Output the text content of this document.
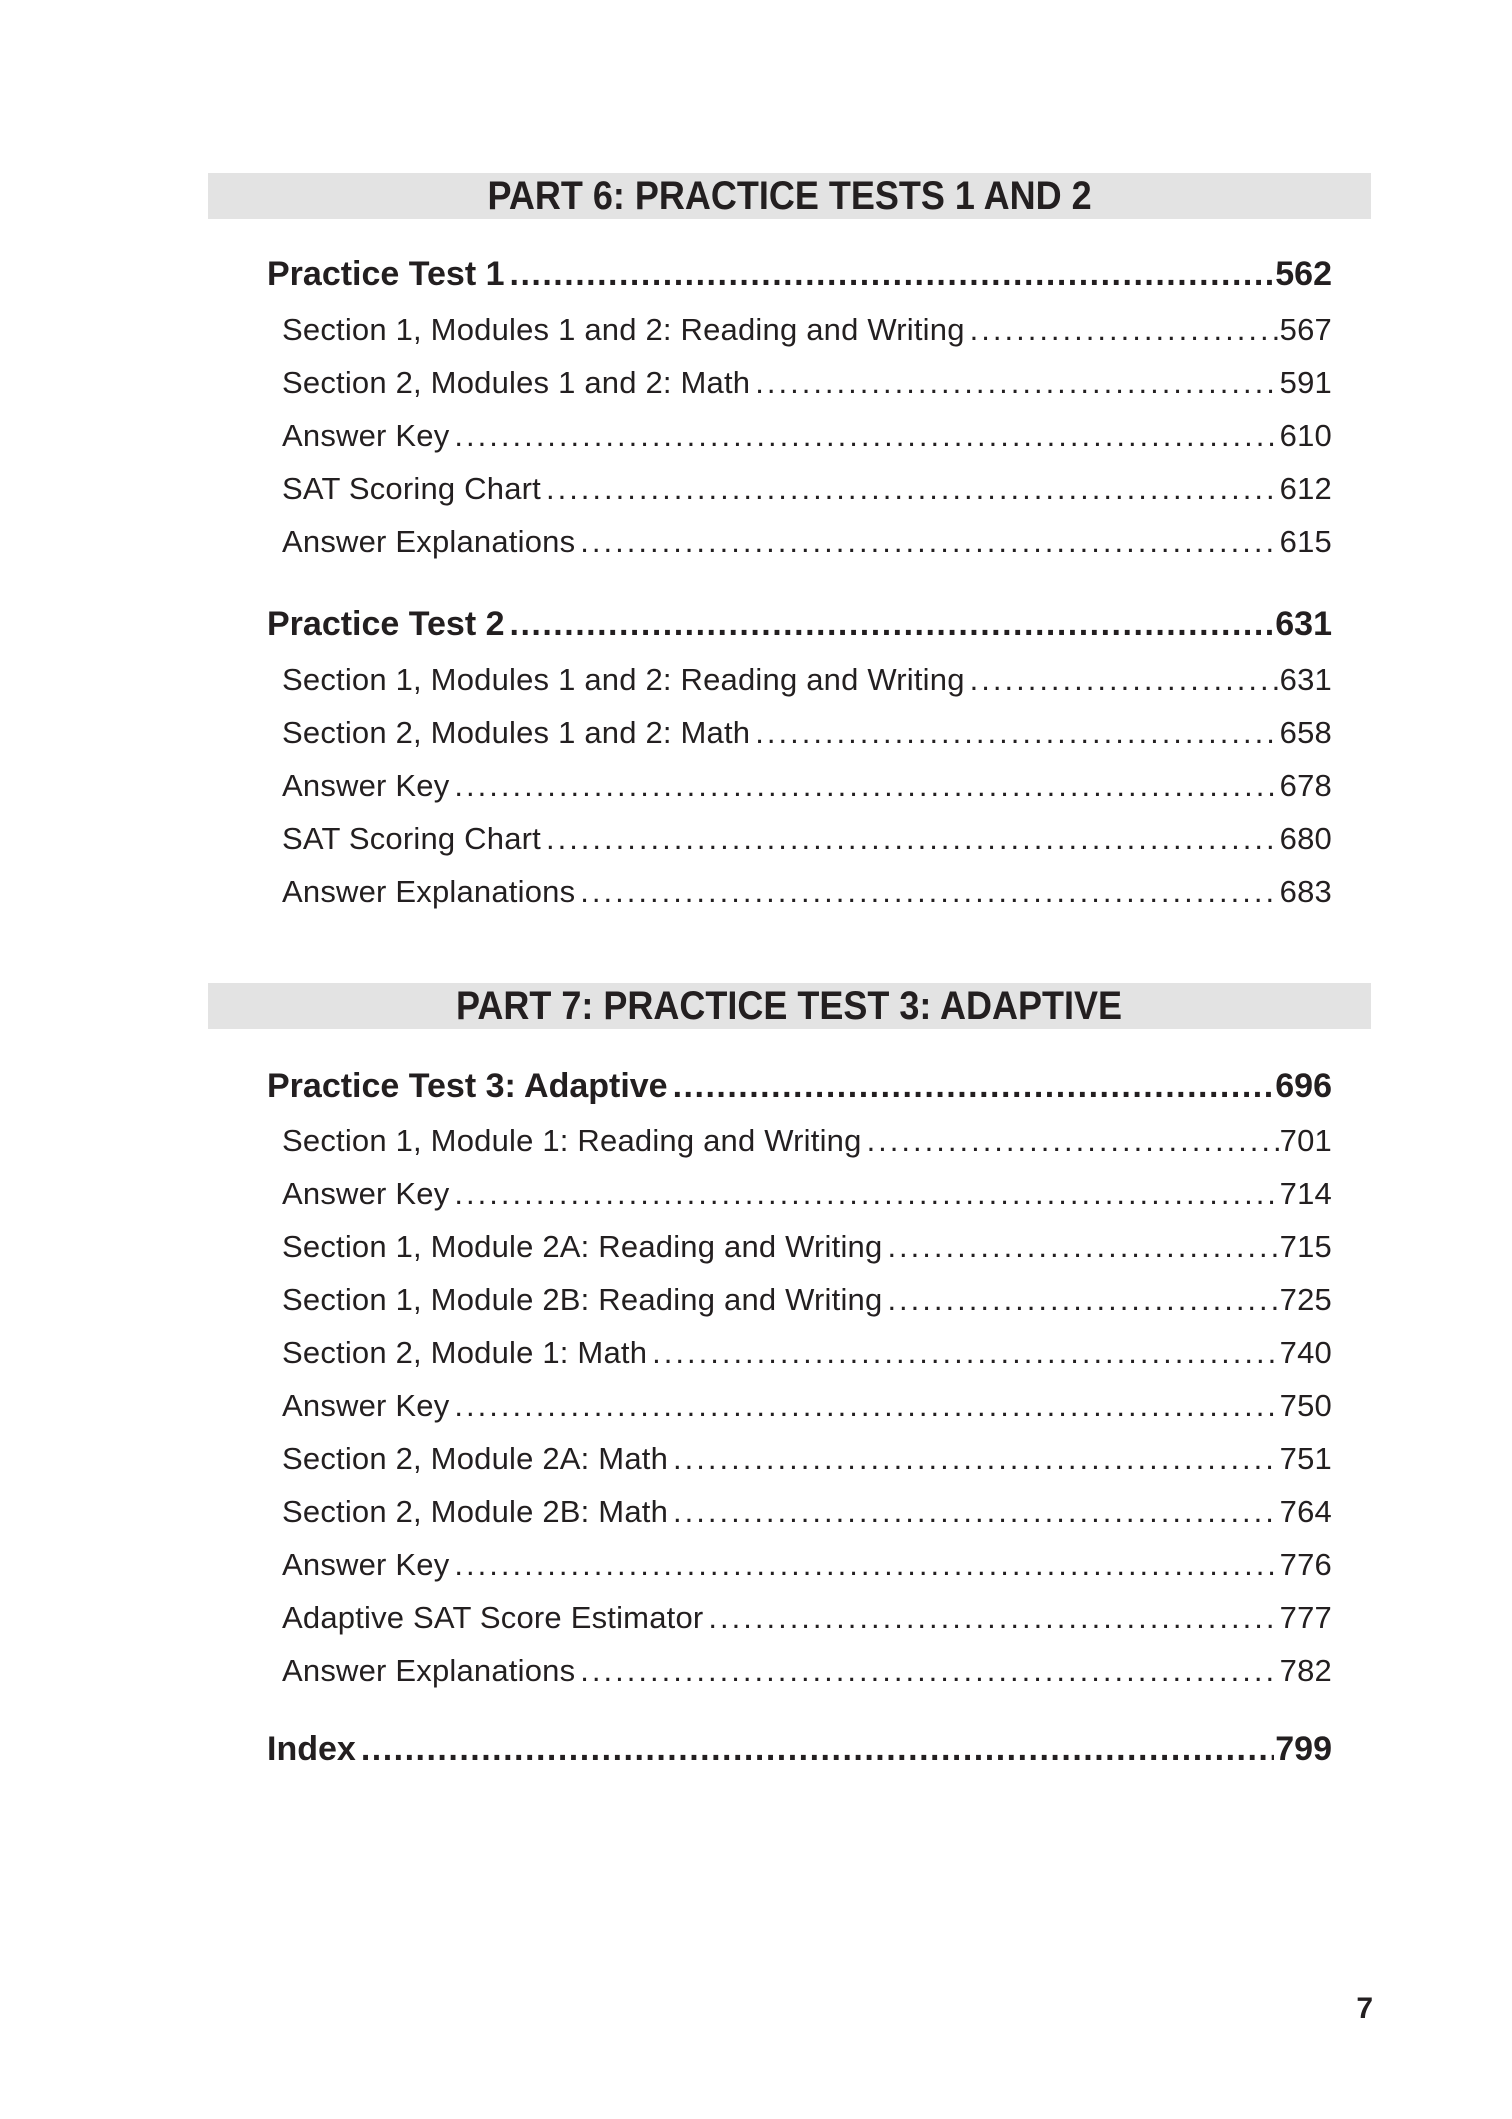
PART 6: PRACTICE TESTS 1 AND 2
Practice Test 1 .....	562
Section 1, Modules 1 and 2: Reading and Writing .....	567
Section 2, Modules 1 and 2: Math .....	591
Answer Key .....	610
SAT Scoring Chart .....	612
Answer Explanations .....	615
Practice Test 2 .....	631
Section 1, Modules 1 and 2: Reading and Writing .....	631
Section 2, Modules 1 and 2: Math .....	658
Answer Key .....	678
SAT Scoring Chart .....	680
Answer Explanations .....	683
PART 7: PRACTICE TEST 3: ADAPTIVE
Practice Test 3: Adaptive .....	696
Section 1, Module 1: Reading and Writing .....	701
Answer Key .....	714
Section 1, Module 2A: Reading and Writing .....	715
Section 1, Module 2B: Reading and Writing .....	725
Section 2, Module 1: Math .....	740
Answer Key .....	750
Section 2, Module 2A: Math .....	751
Section 2, Module 2B: Math .....	764
Answer Key .....	776
Adaptive SAT Score Estimator .....	777
Answer Explanations .....	782
Index .....	799
7
